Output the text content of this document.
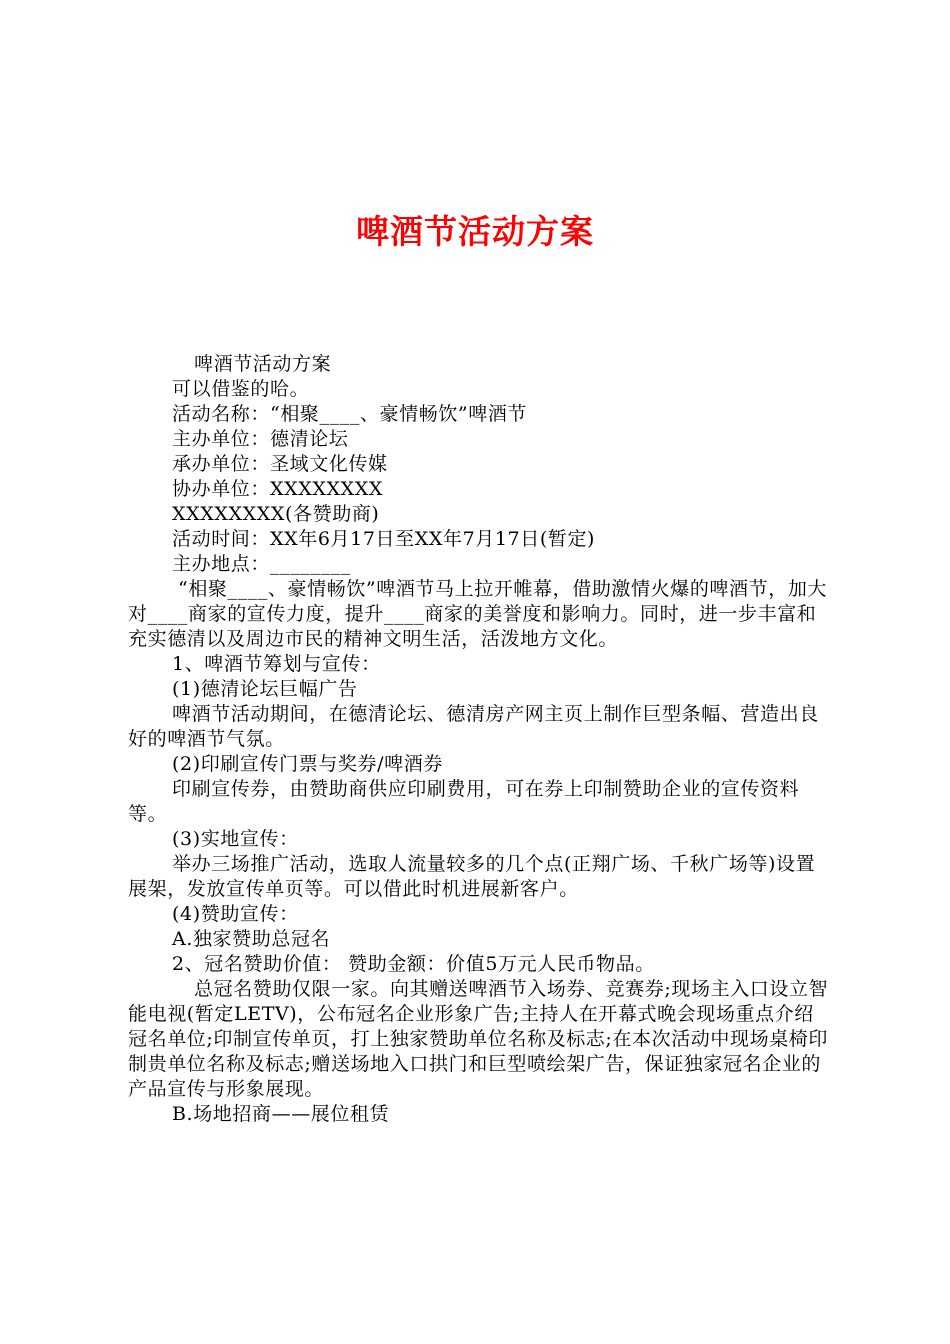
啤酒节活动方案

啤酒节活动方案

可以借鉴的哈。

活动名称：“相聚____、豪情畅饮”啤酒节

主办单位：德清论坛

承办单位：圣域文化传媒

协办单位：XXXXXXXX

XXXXXXXX(各赞助商)

活动时间：XX年6月17日至XX年7月17日(暂定)

主办地点：________

“相聚____、豪情畅饮”啤酒节马上拉开帷幕，借助激情火爆的啤酒节，加大对____商家的宣传力度，提升____商家的美誉度和影响力。同时，进一步丰富和充实德清以及周边市民的精神文明生活，活泼地方文化。

1、啤酒节筹划与宣传：

(1)德清论坛巨幅广告

啤酒节活动期间，在德清论坛、德清房产网主页上制作巨型条幅、营造出良好的啤酒节气氛。

(2)印刷宣传门票与奖券/啤酒券

印刷宣传券，由赞助商供应印刷费用，可在券上印制赞助企业的宣传资料等。

(3)实地宣传：

举办三场推广活动，选取人流量较多的几个点(正翔广场、千秋广场等)设置展架，发放宣传单页等。可以借此时机进展新客户。

(4)赞助宣传：

A.独家赞助总冠名

2、冠名赞助价值： 赞助金额：价值5万元人民币物品。

总冠名赞助仅限一家。向其赠送啤酒节入场券、竞赛券;现场主入口设立智能电视(暂定LETV)，公布冠名企业形象广告;主持人在开幕式晚会现场重点介绍冠名单位;印制宣传单页，打上独家赞助单位名称及标志;在本次活动中现场桌椅印制贵单位名称及标志;赠送场地入口拱门和巨型喷绘架广告，保证独家冠名企业的产品宣传与形象展现。

B.场地招商——展位租赁
